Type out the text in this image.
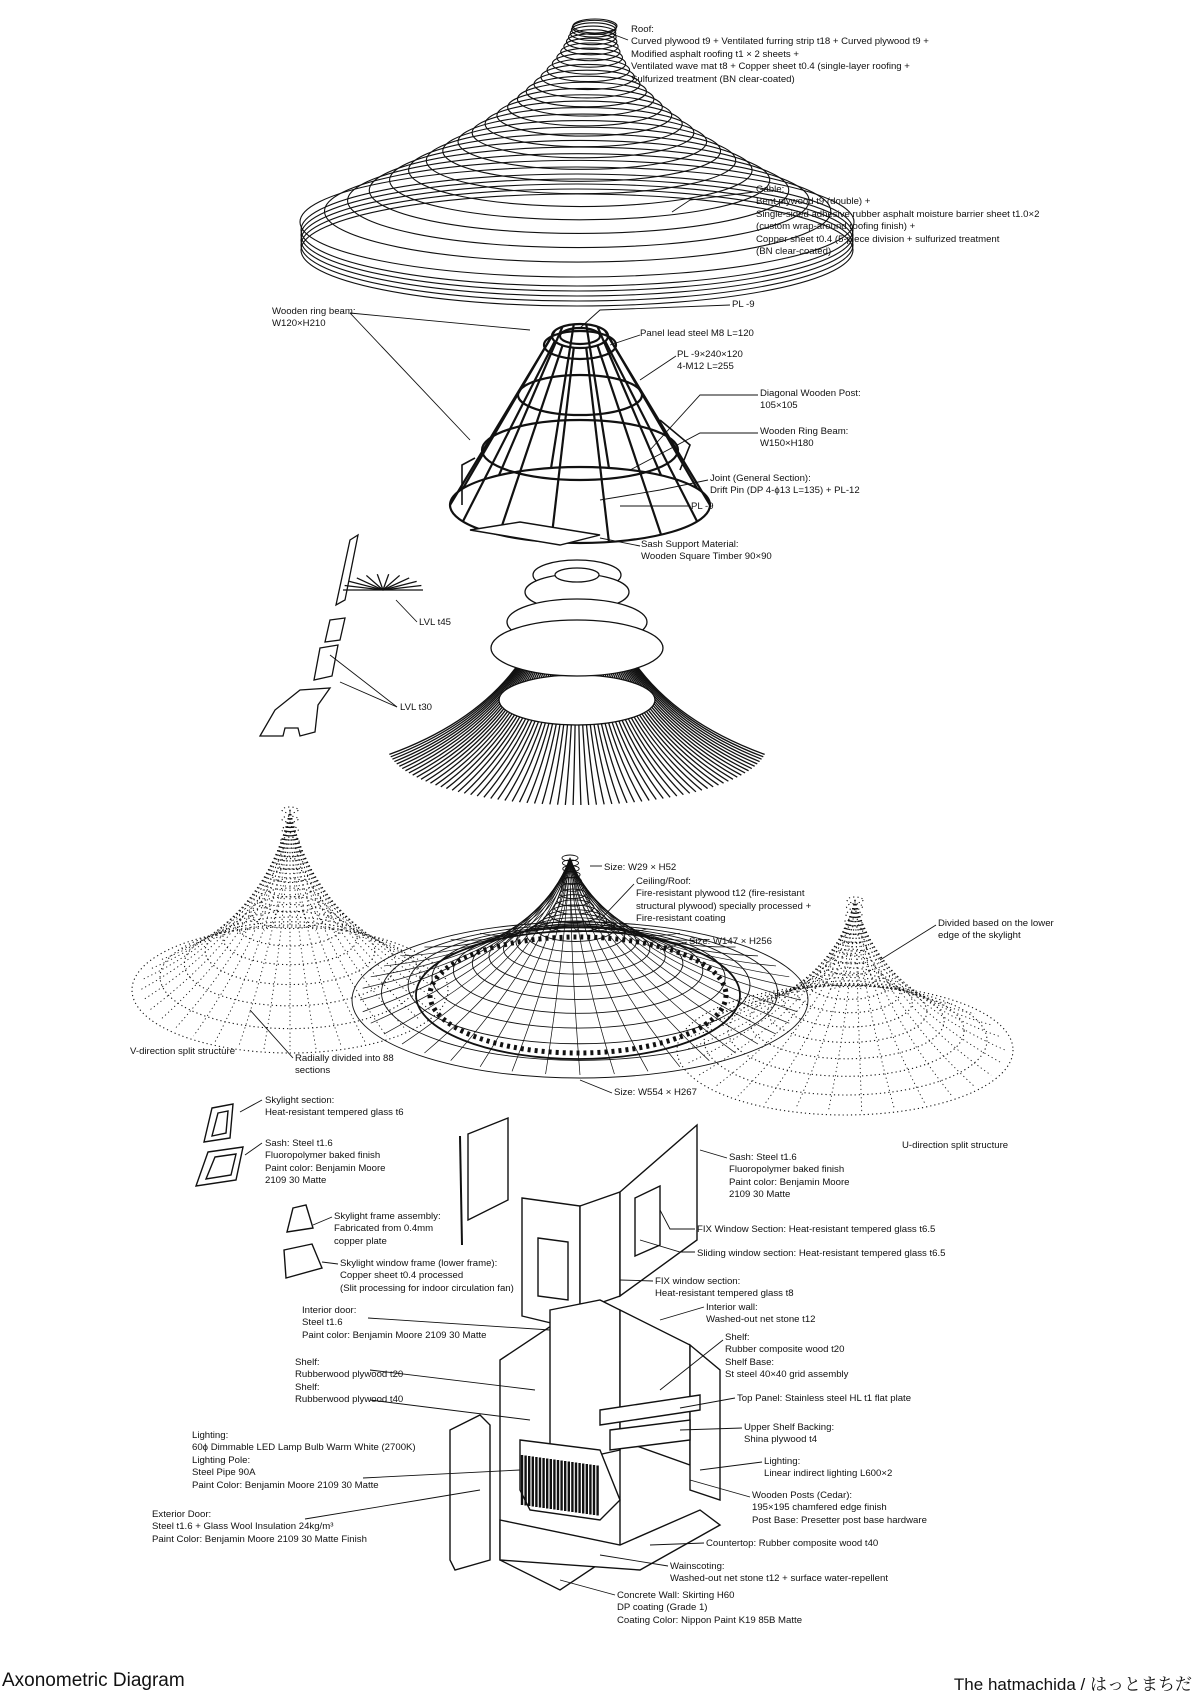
Roof:
Curved plywood t9 + Ventilated furring strip t18 + Curved plywood t9 +
Modified asphalt roofing t1 × 2 sheets +
Ventilated wave mat t8 + Copper sheet t0.4 (single-layer roofing +
Sulfurized treatment (BN clear-coated)
Gable:
Bent plywood t9 (double) +
Single-sided adhesive rubber asphalt moisture barrier sheet t1.0×2
(custom wrap-around roofing finish) +
Copper sheet t0.4 (5-piece division + sulfurized treatment
(BN clear-coated)
Wooden ring beam:
W120×H210
PL -9
Panel lead steel M8 L=120
PL -9×240×120
4-M12 L=255
Diagonal Wooden Post:
105×105
Wooden Ring Beam:
W150×H180
Joint (General Section):
Drift Pin (DP 4-ϕ13 L=135) + PL-12
PL -9
Sash Support Material:
Wooden Square Timber 90×90
LVL t45
LVL t30
Size: W29 × H52
Ceiling/Roof:
Fire-resistant plywood t12 (fire-resistant
structural plywood) specially processed +
Fire-resistant coating
Size: W147 × H256
Size: W554 × H267
Divided based on the lower
edge of the skylight
V-direction split structure
Radially divided into 88
sections
U-direction split structure
Skylight section:
Heat-resistant tempered glass t6
Sash: Steel t1.6
Fluoropolymer baked finish
Paint color: Benjamin Moore
2109 30 Matte
Sash: Steel t1.6
Fluoropolymer baked finish
Paint color: Benjamin Moore
2109 30 Matte
Skylight frame assembly:
Fabricated from 0.4mm
copper plate
Skylight window frame (lower frame):
Copper sheet t0.4 processed
(Slit processing for indoor circulation fan)
FIX Window Section: Heat-resistant tempered glass t6.5
Sliding window section: Heat-resistant tempered glass t6.5
FIX window section:
Heat-resistant tempered glass t8
Interior door:
Steel t1.6
Paint color: Benjamin Moore 2109 30 Matte
Interior wall:
Washed-out net stone t12
Shelf:
Rubberwood plywood t20
Shelf:
Rubberwood plywood t40
Shelf:
Rubber composite wood t20
Shelf Base:
St steel 40×40 grid assembly
Top Panel: Stainless steel HL t1 flat plate
Upper Shelf Backing:
Shina plywood t4
Lighting:
60ϕ Dimmable LED Lamp Bulb Warm White (2700K)
Lighting Pole:
Steel Pipe 90A
Paint Color: Benjamin Moore 2109 30 Matte
Lighting:
Linear indirect lighting L600×2
Wooden Posts (Cedar):
195×195 chamfered edge finish
Post Base: Presetter post base hardware
Exterior Door:
Steel t1.6 + Glass Wool Insulation 24kg/m³
Paint Color: Benjamin Moore 2109 30 Matte Finish	Countertop: Rubber composite wood t40
Wainscoting:
Washed-out net stone t12 + surface water-repellent
Concrete Wall: Skirting H60
DP coating (Grade 1)
Coating Color: Nippon Paint K19 85B Matte
Axonometric Diagram	The hatmachida / はっとまちだ
